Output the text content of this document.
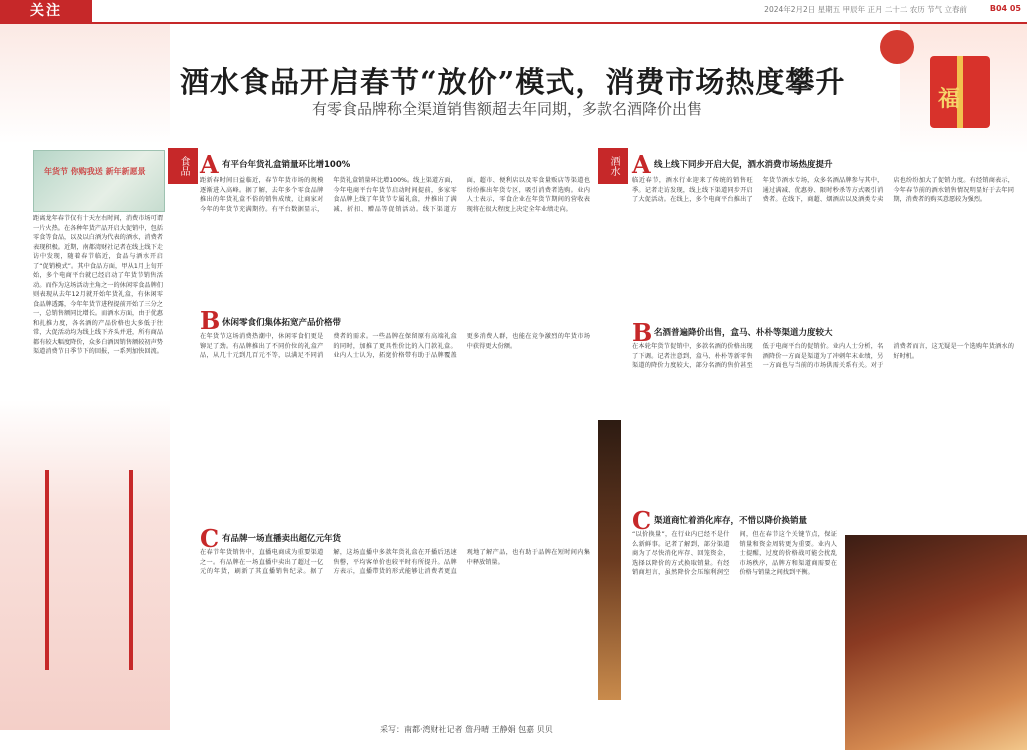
关注	2024年2月2日 星期五 甲辰年 正月 二十二 农历 节气 立春前	B04 05
福
酒水食品开启春节“放价”模式，消费市场热度攀升
有零食品牌称全渠道销售额超去年同期，多款名酒降价出售
年货节 你购我送 新年新愿景
距离龙年春节仅有十天左右时间，消费市场可谓一片火热。在各种年货产品开启大促销中，包括零食等食品，以及以白酒为代表的酒水，消费者表现积极。近期，南都湾财社记者在线上线下走访中发现，随着春节临近，食品与酒水开启了“促销模式”。其中食品方面，甲从1月上旬开始，多个电商平台就已经启动了年货节销售活动。而作为这场活动主角之一的休闲零食品牌们则表现从去年12月就开始年货礼盒，有休闲零食品牌透露，今年年货节进程提前开始了三分之一，总销售额同比增长。而酒水方面，由于优惠和扎推力度，各名酒的产品价格也大多低于往常，大促活动均为线上线下齐头并进，所有商品都有较大幅度降价，众多白酒因销售额较初声势渠道消费节日季节下的回报，一系列加快回流。
食品 A 有平台年货礼盒销量环比增100%
距新春时间日益临近，春节年货市场的规模逐渐进入高峰。据了解，去年多个零食品牌推出的年货礼盒不俗的销售成绩，让商家对今年的年货节充满期待。有平台数据显示，年货礼盒销量环比增100%。线上渠道方面，今年电商平台年货节启动时间提前，多家零食品牌上线了年货节专属礼盒，并推出了满减、折扣、赠品等促销活动。线下渠道方面，超市、便利店以及零食量贩店等渠道也纷纷推出年货专区，吸引消费者选购。业内人士表示，零食企业在年货节期间的营收表现将在很大程度上决定全年业绩走向。
B 休闲零食们集体拓宽产品价格带
在年货节这场消费热潮中，休闲零食们更是铆足了劲。有品牌推出了不同价位的礼盒产品，从几十元到几百元不等，以满足不同消费者的需求。一些品牌在保留原有高端礼盒的同时，加推了更具性价比的入门款礼盒。业内人士认为，拓宽价格带有助于品牌覆盖更多消费人群，也能在竞争激烈的年货市场中获得更大份额。
C 有品牌一场直播卖出超亿元年货
在春节年货销售中，直播电商成为重要渠道之一。有品牌在一场直播中卖出了超过一亿元的年货，刷新了其直播销售纪录。据了解，这场直播中多款年货礼盒在开播后迅速售罄，平均客单价也较平时有所提升。品牌方表示，直播带货的形式能够让消费者更直观地了解产品，也有助于品牌在短时间内集中释放销量。
酒水 A 线上线下同步开启大促，酒水消费市场热度提升
临近春节，酒水行业迎来了传统的销售旺季。记者走访发现，线上线下渠道同步开启了大促活动。在线上，多个电商平台推出了年货节酒水专场，众多名酒品牌参与其中，通过满减、优惠券、限时秒杀等方式吸引消费者。在线下，商超、烟酒店以及酒类专卖店也纷纷加大了促销力度。有经销商表示，今年春节前的酒水销售情况明显好于去年同期，消费者的购买意愿较为强烈。
B 名酒普遍降价出售，盒马、朴朴等渠道力度较大
在本轮年货节促销中，多款名酒的价格出现了下调。记者注意到，盒马、朴朴等新零售渠道的降价力度较大，部分名酒的售价甚至低于电商平台的促销价。业内人士分析，名酒降价一方面是渠道为了冲刺年末业绩，另一方面也与当前的市场供需关系有关。对于消费者而言，这无疑是一个选购年货酒水的好时机。
C 渠道商忙着消化库存，不惜以降价换销量
“以价换量”，在行业内已经不是什么新鲜事。记者了解到，部分渠道商为了尽快消化库存、回笼资金，选择以降价的方式换取销量。有经销商坦言，虽然降价会压缩利润空间，但在春节这个关键节点，保证销量和资金周转更为重要。业内人士提醒，过度的价格战可能会扰乱市场秩序，品牌方和渠道商需要在价格与销量之间找到平衡。
采写：南都·湾财社记者 詹丹晴 王静娟 包嘉 贝贝
